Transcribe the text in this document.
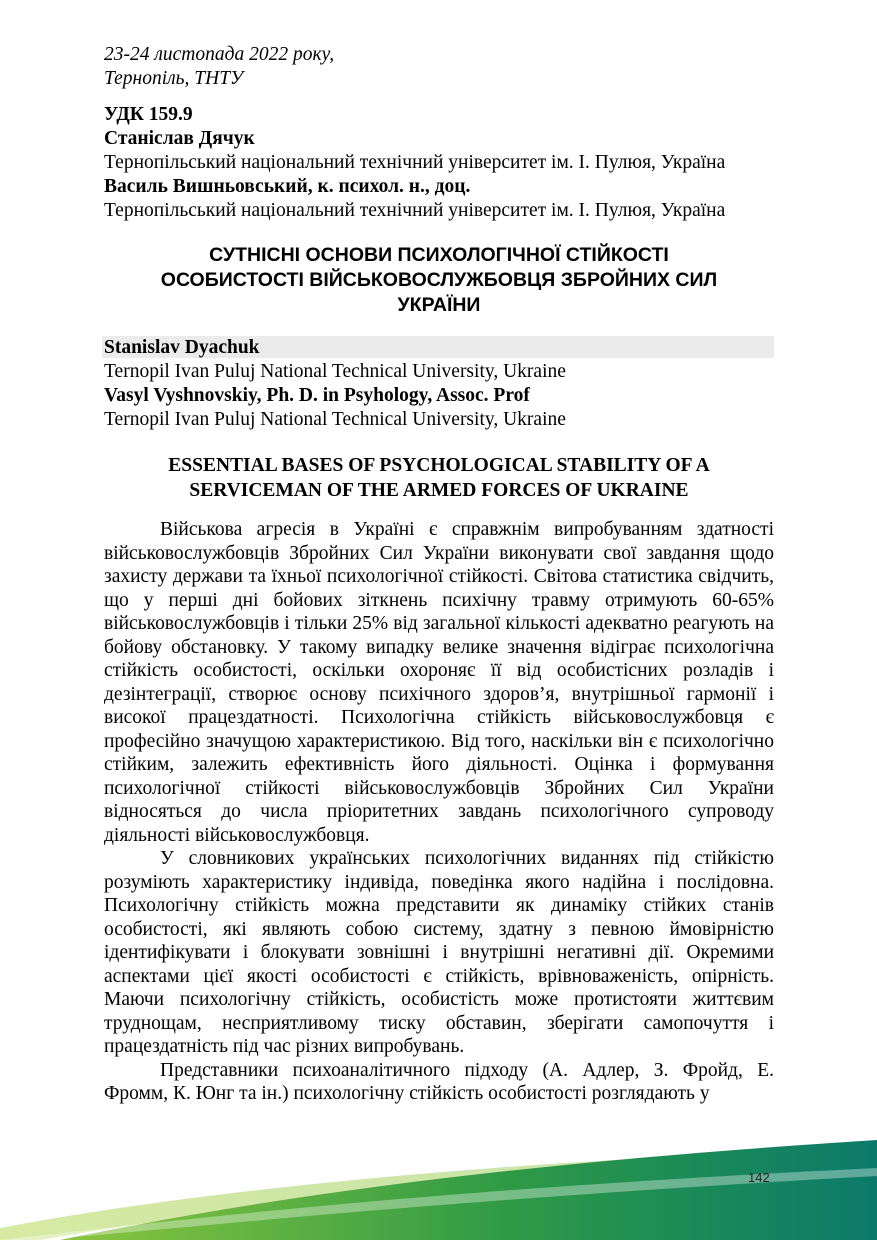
23-24 листопада 2022 року,
Тернопіль, ТНТУ
УДК 159.9
Станіслав Дячук
Тернопільський національний технічний університет ім. І. Пулюя, Україна
Василь Вишньовський, к. психол. н., доц.
Тернопільський національний технічний університет ім. І. Пулюя, Україна
СУТНІСНІ ОСНОВИ ПСИХОЛОГІЧНОЇ СТІЙКОСТІ
ОСОБИСТОСТІ ВІЙСЬКОВОСЛУЖБОВЦЯ ЗБРОЙНИХ СИЛ
УКРАЇНИ
Stanislav Dyachuk
Ternopil Ivan Puluj National Technical University, Ukraine
Vasyl Vyshnovskiy, Ph. D. in Psyhology, Assoc. Prof
Ternopil Ivan Puluj National Technical University, Ukraine
ESSENTIAL BASES OF PSYCHOLOGICAL STABILITY OF A
SERVICEMAN OF THE ARMED FORCES OF UKRAINE

Військова агресія в Україні є справжнім випробуванням здатності військовослужбовців Збройних Сил України виконувати свої завдання щодо захисту держави та їхньої психологічної стійкості. Світова статистика свідчить, що у перші дні бойових зіткнень психічну травму отримують 60-65% військовослужбовців і тільки 25% від загальної кількості адекватно реагують на бойову обстановку. У такому випадку велике значення відіграє психологічна стійкість особистості, оскільки охороняє її від особистісних розладів і дезінтеграції, створює основу психічного здоров’я, внутрішньої гармонії і високої працездатності. Психологічна стійкість військовослужбовця є професійно значущою характеристикою. Від того, наскільки він є психологічно стійким, залежить ефективність його діяльності. Оцінка і формування психологічної стійкості військовослужбовців Збройних Сил України відносяться до числа пріоритетних завдань психологічного супроводу діяльності військовослужбовця.

У словникових українських психологічних виданнях під стійкістю розуміють характеристику індивіда, поведінка якого надійна і послідовна. Психологічну стійкість можна представити як динаміку стійких станів особистості, які являють собою систему, здатну з певною ймовірністю ідентифікувати і блокувати зовнішні і внутрішні негативні дії. Окремими аспектами цієї якості особистості є стійкість, врівноваженість, опірність. Маючи психологічну стійкість, особистість може протистояти життєвим труднощам, несприятливому тиску обставин, зберігати самопочуття і працездатність під час різних випробувань.

Представники психоаналітичного підходу (А. Адлер, З. Фройд, Е. Фромм, К. Юнг та ін.) психологічну стійкість особистості розглядають у

142
